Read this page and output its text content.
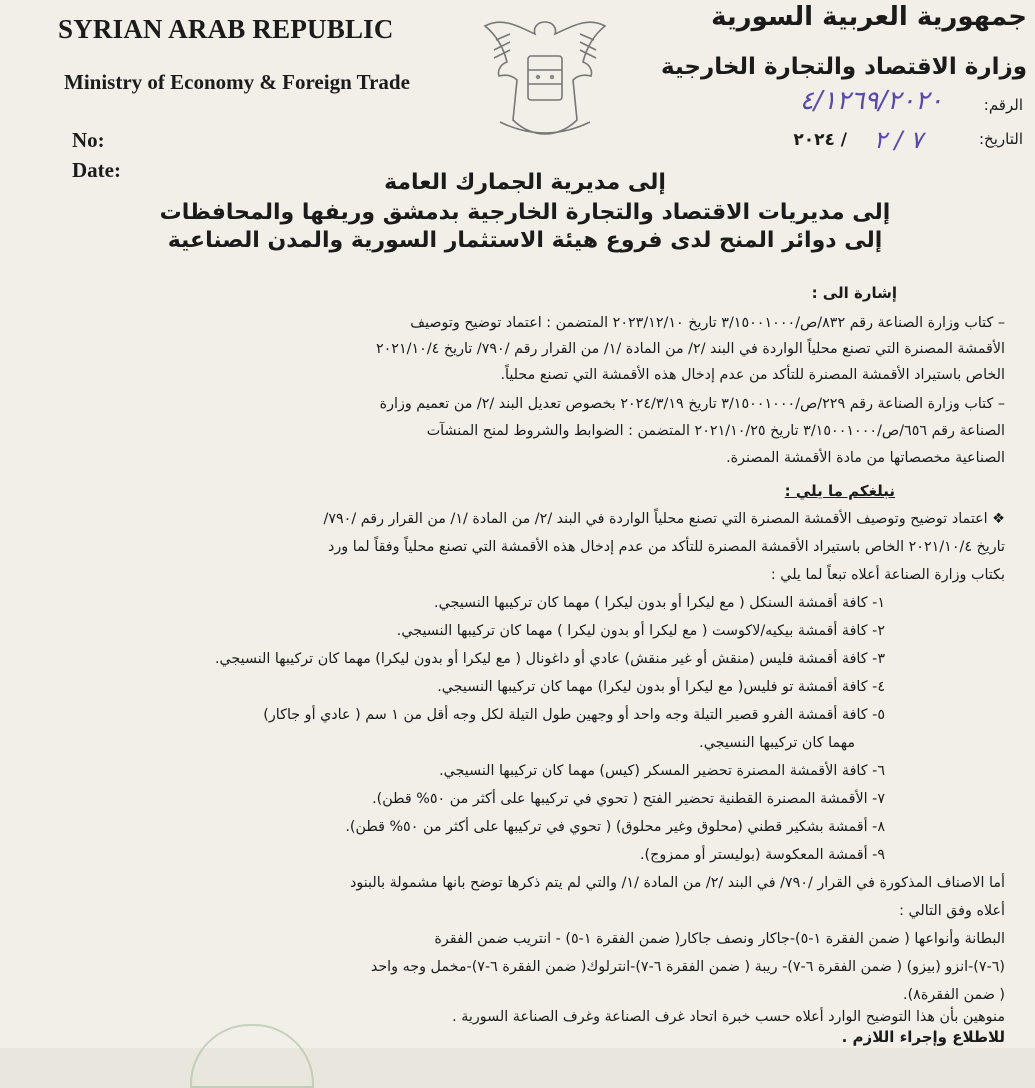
SYRIAN ARAB REPUBLIC
Ministry of Economy & Foreign Trade
No:
Date:
جمهورية العربية السورية
وزارة الاقتصاد والتجارة الخارجية
الرقم:
التاريخ:
٤/١٢٦٩/٢٠٢٠
٧ / ٢
٢٠٢٤ /
إلى مديرية الجمارك العامة
إلى مديريات الاقتصاد والتجارة الخارجية بدمشق وريفها والمحافظات
إلى دوائر المنح لدى فروع هيئة الاستثمار السورية والمدن الصناعية
إشارة الى :
– كتاب وزارة الصناعة رقم ٨٣٢/ص/٣/١٥٠٠١٠٠٠ تاريخ ٢٠٢٣/١٢/١٠ المتضمن : اعتماد توضيح وتوصيف
الأقمشة المصنرة التي تصنع محلياً الواردة في البند /٢/ من المادة /١/ من القرار رقم /٧٩٠/ تاريخ ٢٠٢١/١٠/٤
الخاص باستيراد الأقمشة المصنرة للتأكد من عدم إدخال هذه الأقمشة التي تصنع محلياً.
– كتاب وزارة الصناعة رقم ٢٢٩/ص/٣/١٥٠٠١٠٠٠ تاريخ ٢٠٢٤/٣/١٩ بخصوص تعديل البند /٢/ من تعميم وزارة
الصناعة رقم ٦٥٦/ص/٣/١٥٠٠١٠٠٠ تاريخ ٢٠٢١/١٠/٢٥ المتضمن : الضوابط والشروط لمنح المنشآت
الصناعية مخصصاتها من مادة الأقمشة المصنرة.
نبلغكم ما يلي :
❖ اعتماد توضيح وتوصيف الأقمشة المصنرة التي تصنع محلياً الواردة في البند /٢/ من المادة /١/ من القرار رقم /٧٩٠/
تاريخ ٢٠٢١/١٠/٤ الخاص باستيراد الأقمشة المصنرة للتأكد من عدم إدخال هذه الأقمشة التي تصنع محلياً وفقاً لما ورد
بكتاب وزارة الصناعة أعلاه تبعاً لما يلي :
١- كافة أقمشة السنكل ( مع ليكرا أو بدون ليكرا ) مهما كان تركيبها النسيجي.
٢- كافة أقمشة بيكيه/لاكوست ( مع ليكرا أو بدون ليكرا ) مهما كان تركيبها النسيجي.
٣- كافة أقمشة فليس (منقش أو غير منقش) عادي أو داغونال ( مع ليكرا أو بدون ليكرا) مهما كان تركيبها النسيجي.
٤- كافة أقمشة تو فليس( مع ليكرا أو بدون ليكرا) مهما كان تركيبها النسيجي.
٥- كافة أقمشة الفرو قصير التيلة وجه واحد أو وجهين طول التيلة لكل وجه أقل من ١ سم ( عادي أو جاكار)
مهما كان تركيبها النسيجي.
٦- كافة الأقمشة المصنرة تحضير المسكر (كيس) مهما كان تركيبها النسيجي.
٧- الأقمشة المصنرة القطنية تحضير الفتح ( تحوي في تركيبها على أكثر من ٥٠% قطن).
٨- أقمشة بشكير قطني (محلوق وغير محلوق) ( تحوي في تركيبها على أكثر من ٥٠% قطن).
٩- أقمشة المعكوسة (بوليستر أو ممزوج).
أما الاصناف المذكورة في القرار /٧٩٠/ في البند /٢/ من المادة /١/ والتي لم يتم ذكرها توضح بانها مشمولة بالبنود
أعلاه وفق التالي :
البطانة وأنواعها ( ضمن الفقرة ١-٥)-جاكار ونصف جاكار( ضمن الفقرة ١-٥) - انتريب ضمن الفقرة
(٦-٧)-انزو (بيزو) ( ضمن الفقرة ٦-٧)- ريبة ( ضمن الفقرة ٦-٧)-انترلوك( ضمن الفقرة ٦-٧)-مخمل وجه واحد
( ضمن الفقرة٨).
منوهين بأن هذا التوضيح الوارد أعلاه حسب خبرة اتحاد غرف الصناعة وغرف الصناعة السورية .
للاطلاع وإجراء اللازم .
